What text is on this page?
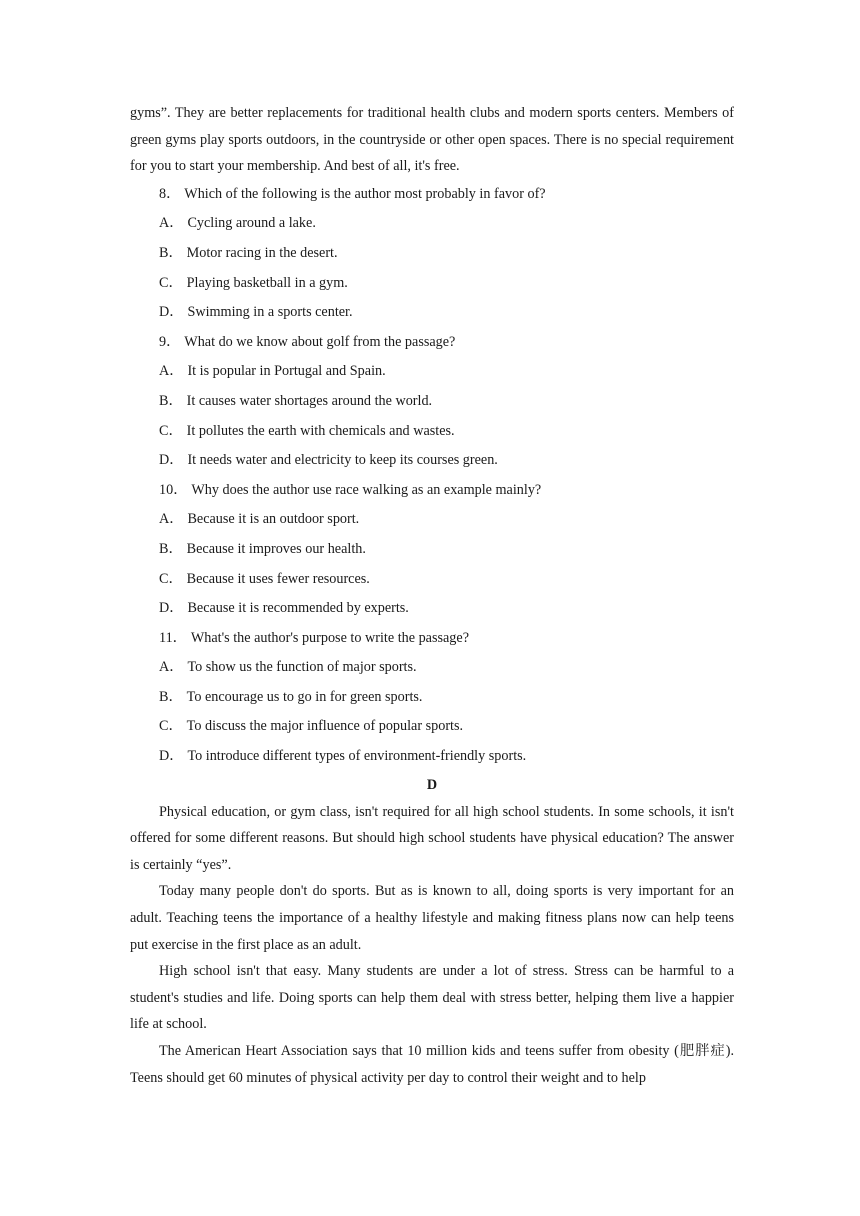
gyms”. They are better replacements for traditional health clubs and modern sports centers. Members of green gyms play sports outdoors, in the countryside or other open spaces. There is no special requirement for you to start your membership. And best of all, it's free.

8． Which of the following is the author most probably in favor of?

A． Cycling around a lake.

B． Motor racing in the desert.

C． Playing basketball in a gym.

D． Swimming in a sports center.

9． What do we know about golf from the passage?

A． It is popular in Portugal and Spain.

B． It causes water shortages around the world.

C． It pollutes the earth with chemicals and wastes.

D． It needs water and electricity to keep its courses green.

10． Why does the author use race walking as an example mainly?

A． Because it is an outdoor sport.

B． Because it improves our health.

C． Because it uses fewer resources.

D． Because it is recommended by experts.

11． What's the author's purpose to write the passage?

A． To show us the function of major sports.

B． To encourage us to go in for green sports.

C． To discuss the major influence of popular sports.

D． To introduce different types of environment-friendly sports.

D

Physical education, or gym class, isn't required for all high school students. In some schools, it isn't offered for some different reasons. But should high school students have physical education? The answer is certainly “yes”.

Today many people don't do sports. But as is known to all, doing sports is very important for an adult. Teaching teens the importance of a healthy lifestyle and making fitness plans now can help teens put exercise in the first place as an adult.

High school isn't that easy. Many students are under a lot of stress. Stress can be harmful to a student's studies and life. Doing sports can help them deal with stress better, helping them live a happier life at school.

The American Heart Association says that 10 million kids and teens suffer from obesity (肥胖症). Teens should get 60 minutes of physical activity per day to control their weight and to help
